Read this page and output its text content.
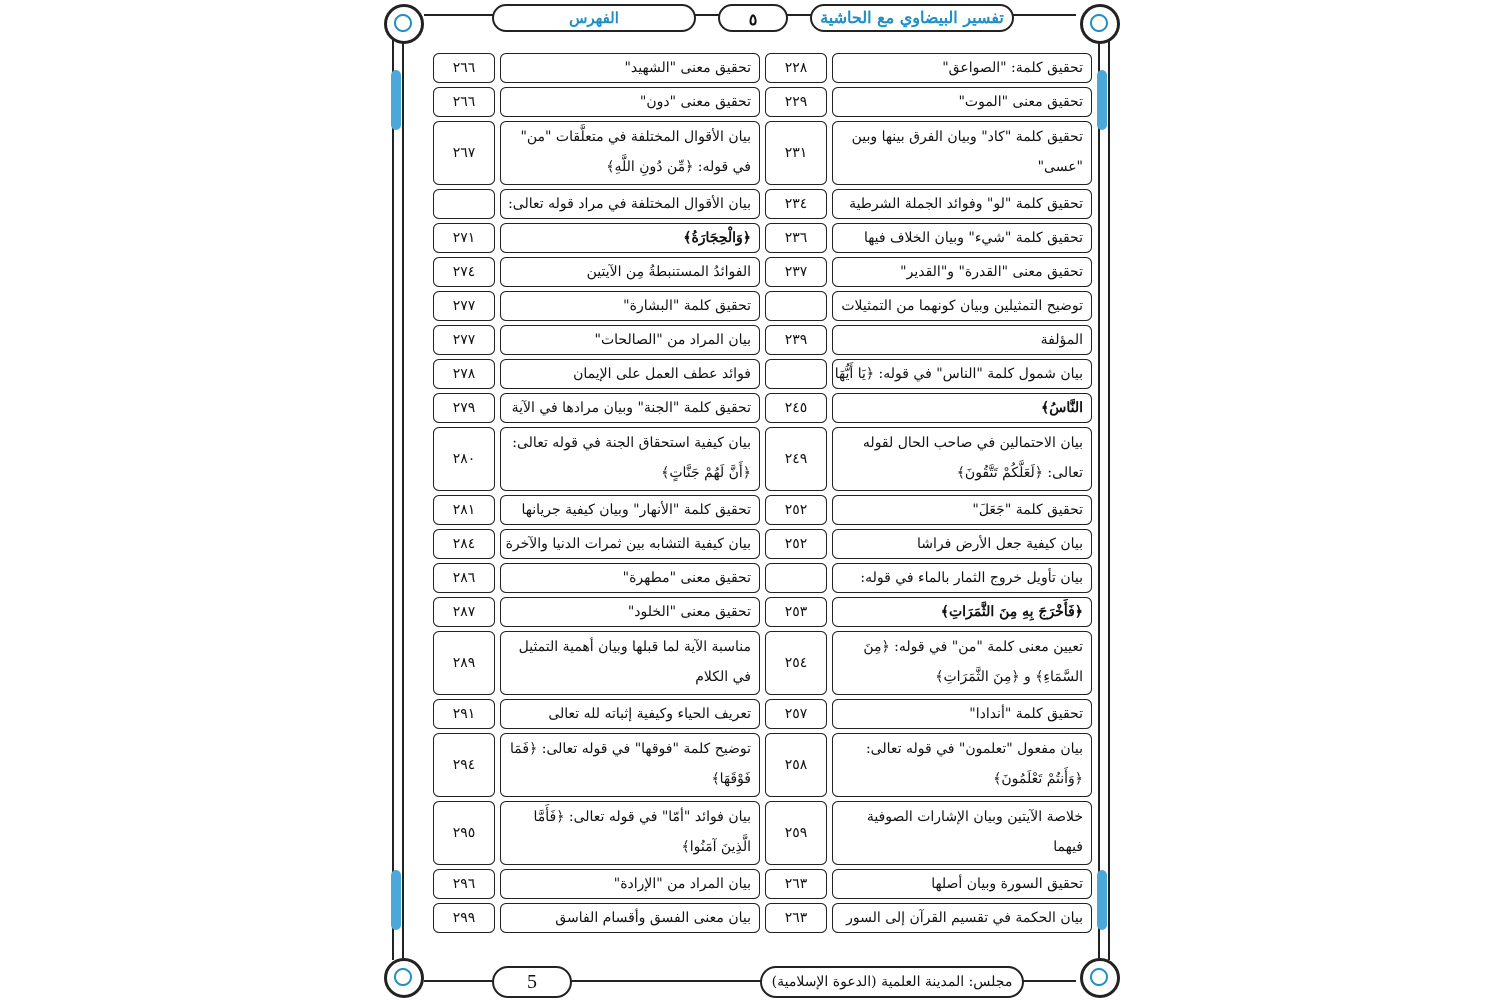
تفسير البيضاوي مع الحاشية
٥
الفهرس
تحقيق كلمة: "الصواعق"
٢٢٨
تحقيق معنى "الشهيد"
٢٦٦
تحقيق معنى "الموت"
٢٢٩
تحقيق معنى "دون"
٢٦٦
تحقيق كلمة "كاد" وبيان الفرق بينها وبين "عسى"
٢٣١
بيان الأقوال المختلفة في متعلَّقات "من" في قوله: ﴿مِّن دُونِ اللَّهِ﴾
٢٦٧
تحقيق كلمة "لو" وفوائد الجملة الشرطية
٢٣٤
بيان الأقوال المختلفة في مراد قوله تعالى:
تحقيق كلمة "شيء" وبيان الخلاف فيها
٢٣٦
﴿وَالْحِجَارَةُ﴾
٢٧١
تحقيق معنى "القدرة" و"القدير"
٢٣٧
الفوائدُ المستنبطةُ مِن الآيتين
٢٧٤
توضيح التمثيلين وبيان كونهما من التمثيلات
تحقيق كلمة "البشارة"
٢٧٧
المؤلفة
٢٣٩
بيان المراد من "الصالحات"
٢٧٧
بيان شمول كلمة "الناس" في قوله: ﴿يَا أَيُّهَا
فوائد عطف العمل على الإيمان
٢٧٨
النَّاسُ﴾
٢٤٥
تحقيق كلمة "الجنة" وبيان مرادها في الآية
٢٧٩
بيان الاحتمالين في صاحب الحال لقوله تعالى: ﴿لَعَلَّكُمْ تَتَّقُونَ﴾
٢٤٩
بيان كيفية استحقاق الجنة في قوله تعالى: ﴿أَنَّ لَهُمْ جَنَّاتٍ﴾
٢٨٠
تحقيق كلمة "جَعَلَ"
٢٥٢
تحقيق كلمة "الأنهار" وبيان كيفية جريانها
٢٨١
بيان كيفية جعل الأرض فراشا
٢٥٢
بيان كيفية التشابه بين ثمرات الدنيا والآخرة
٢٨٤
بيان تأويل خروج الثمار بالماء في قوله:
تحقيق معنى "مطهرة"
٢٨٦
﴿فَأَخْرَجَ بِهِ مِنَ الثَّمَرَاتِ﴾
٢٥٣
تحقيق معنى "الخلود"
٢٨٧
تعيين معنى كلمة "من" في قوله: ﴿مِنَ السَّمَاءِ﴾ و ﴿مِنَ الثَّمَرَاتِ﴾
٢٥٤
مناسبة الآية لما قبلها وبيان أهمية التمثيل في الكلام
٢٨٩
تحقيق كلمة "أندادا"
٢٥٧
تعريف الحياء وكيفية إثباته لله تعالى
٢٩١
بيان مفعول "تعلمون" في قوله تعالى: ﴿وَأَنتُمْ تَعْلَمُونَ﴾
٢٥٨
توضيح كلمة "فوقها" في قوله تعالى: ﴿فَمَا فَوْقَهَا﴾
٢٩٤
خلاصة الآيتين وبيان الإشارات الصوفية فيهما
٢٥٩
بيان فوائد "أمّا" في قوله تعالى: ﴿فَأَمَّا الَّذِينَ آمَنُوا﴾
٢٩٥
تحقيق السورة وبيان أصلها
٢٦٣
بيان المراد من "الإرادة"
٢٩٦
بيان الحكمة في تقسيم القرآن إلى السور
٢٦٣
بيان معنى الفسق وأقسام الفاسق
٢٩٩
5	مجلس: المدينة العلمية (الدعوة الإسلامية)
